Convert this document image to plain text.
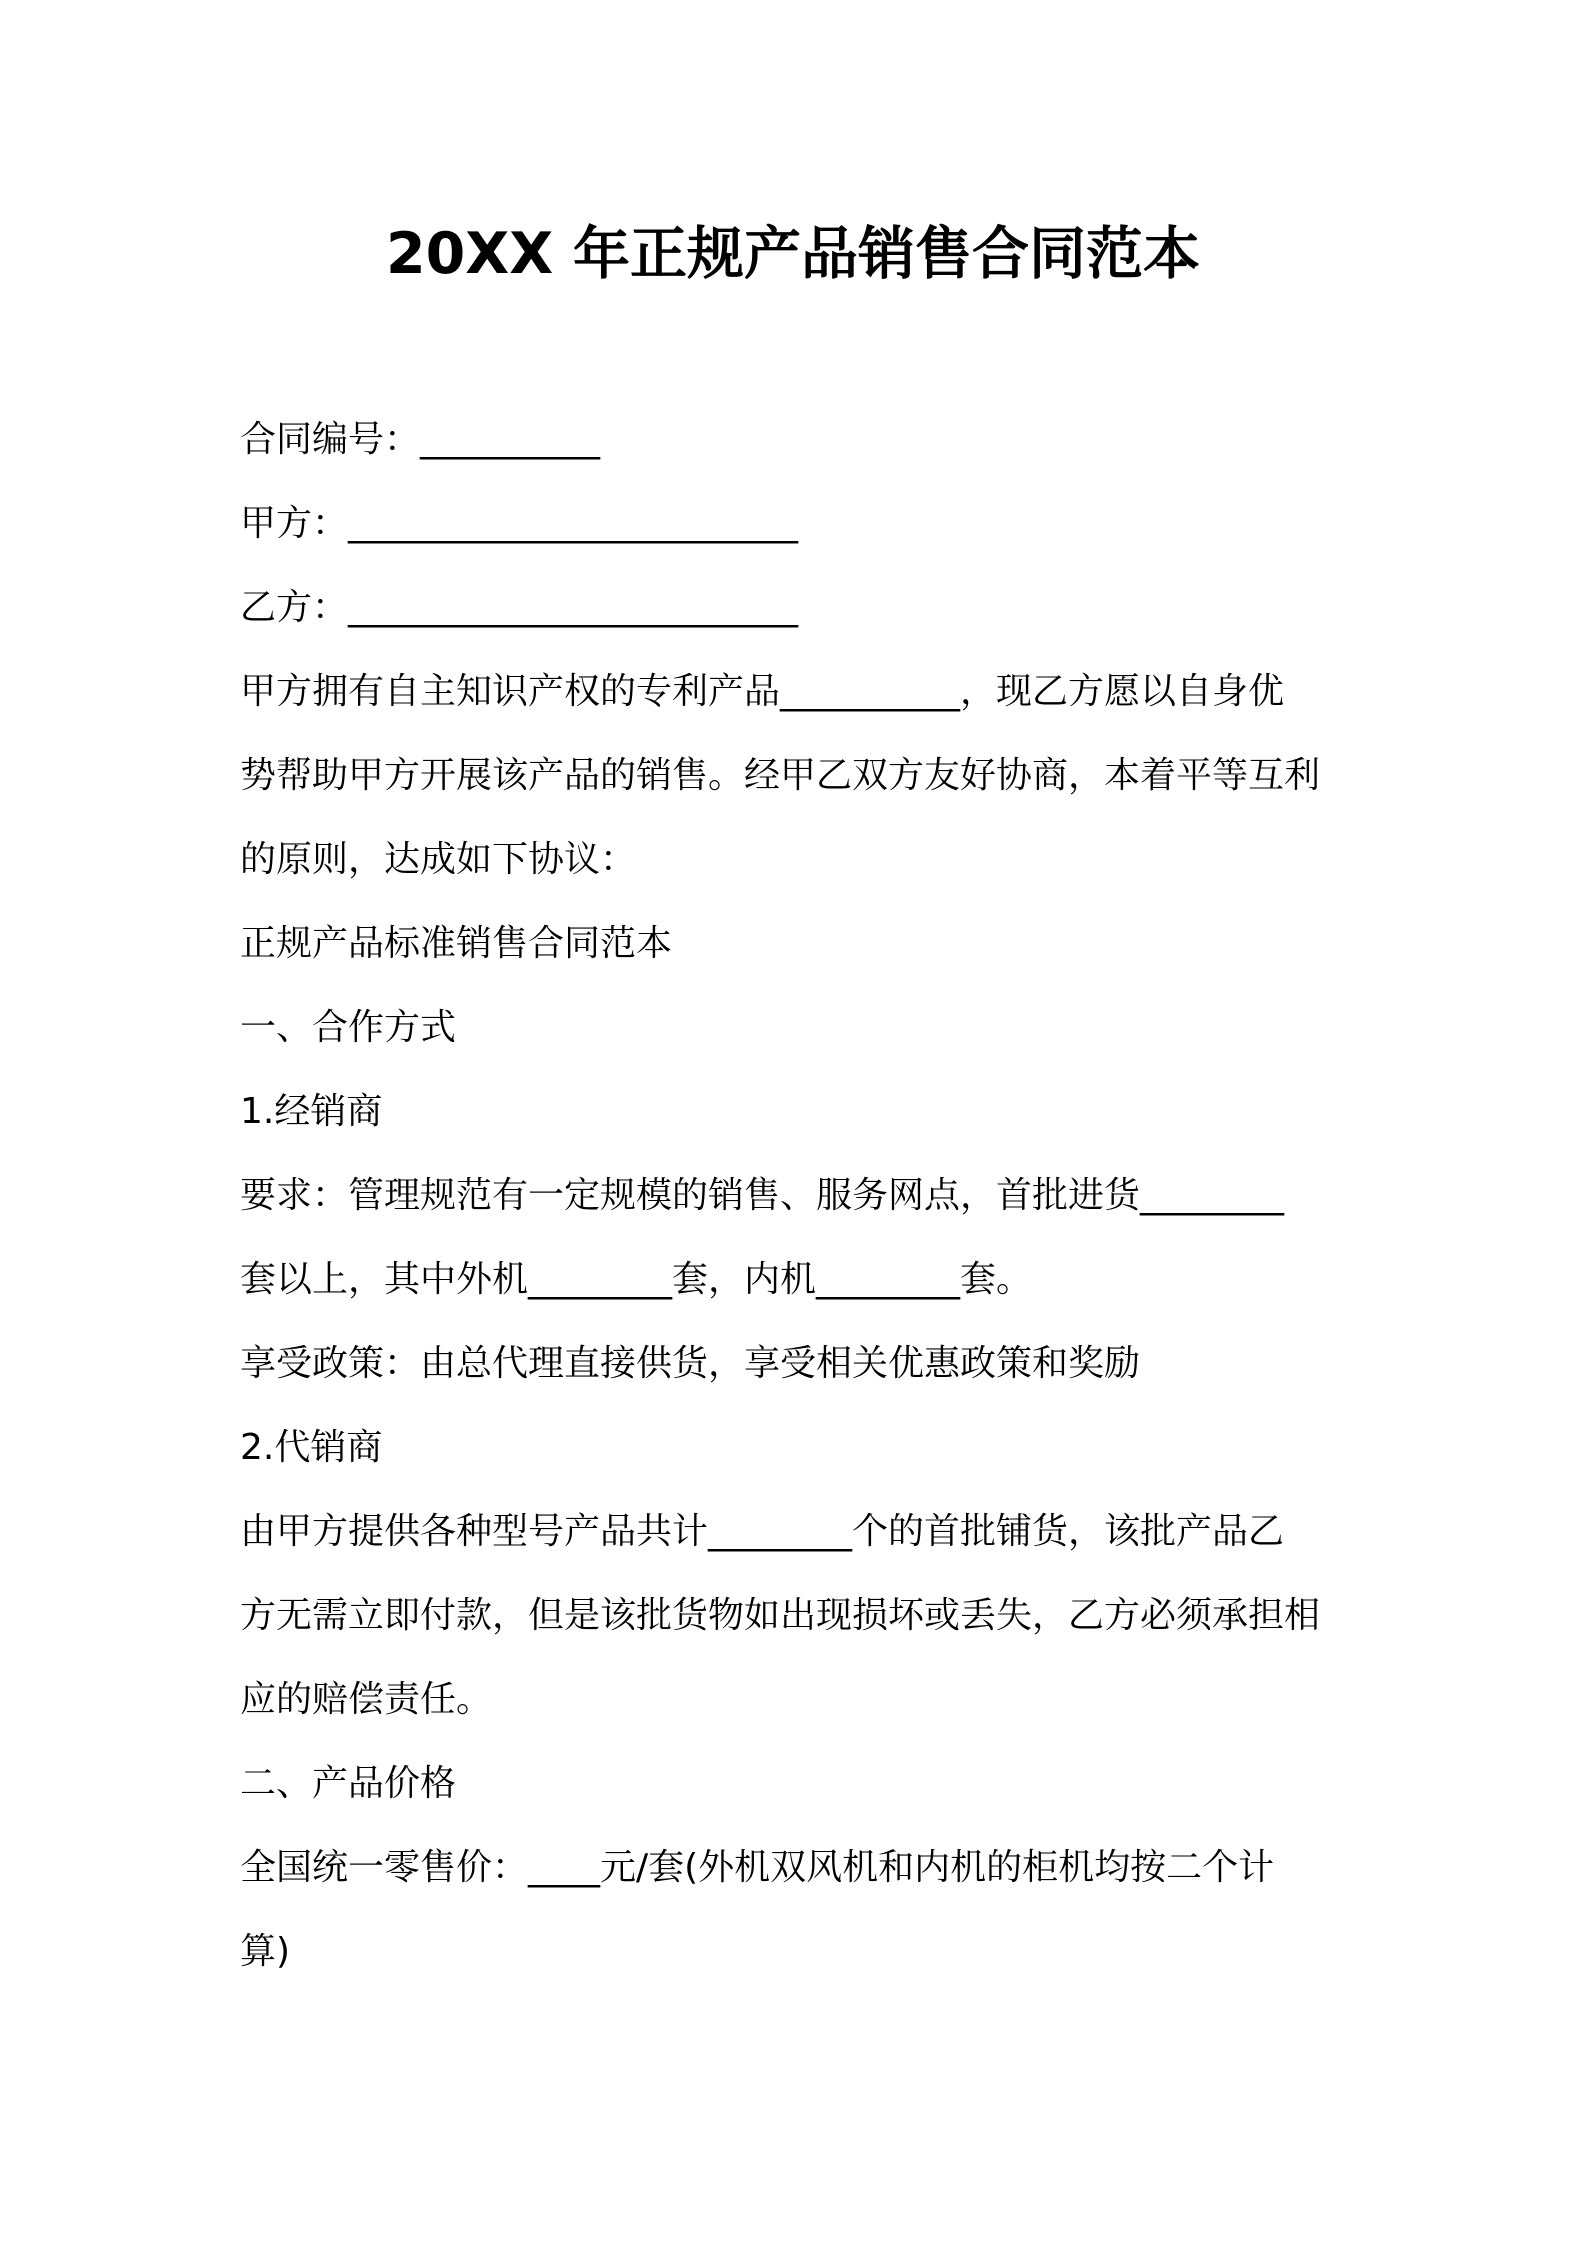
20XX 年正规产品销售合同范本
合同编号：__________
甲方：_________________________
乙方：_________________________
甲方拥有自主知识产权的专利产品__________，现乙方愿以自身优
势帮助甲方开展该产品的销售。经甲乙双方友好协商，本着平等互利
的原则，达成如下协议：
正规产品标准销售合同范本
一、合作方式
1.经销商
要求：管理规范有一定规模的销售、服务网点，首批进货________
套以上，其中外机________套，内机________套。
享受政策：由总代理直接供货，享受相关优惠政策和奖励
2.代销商
由甲方提供各种型号产品共计________个的首批铺货，该批产品乙
方无需立即付款，但是该批货物如出现损坏或丢失，乙方必须承担相
应的赔偿责任。
二、产品价格
全国统一零售价：____元/套(外机双风机和内机的柜机均按二个计
算)
